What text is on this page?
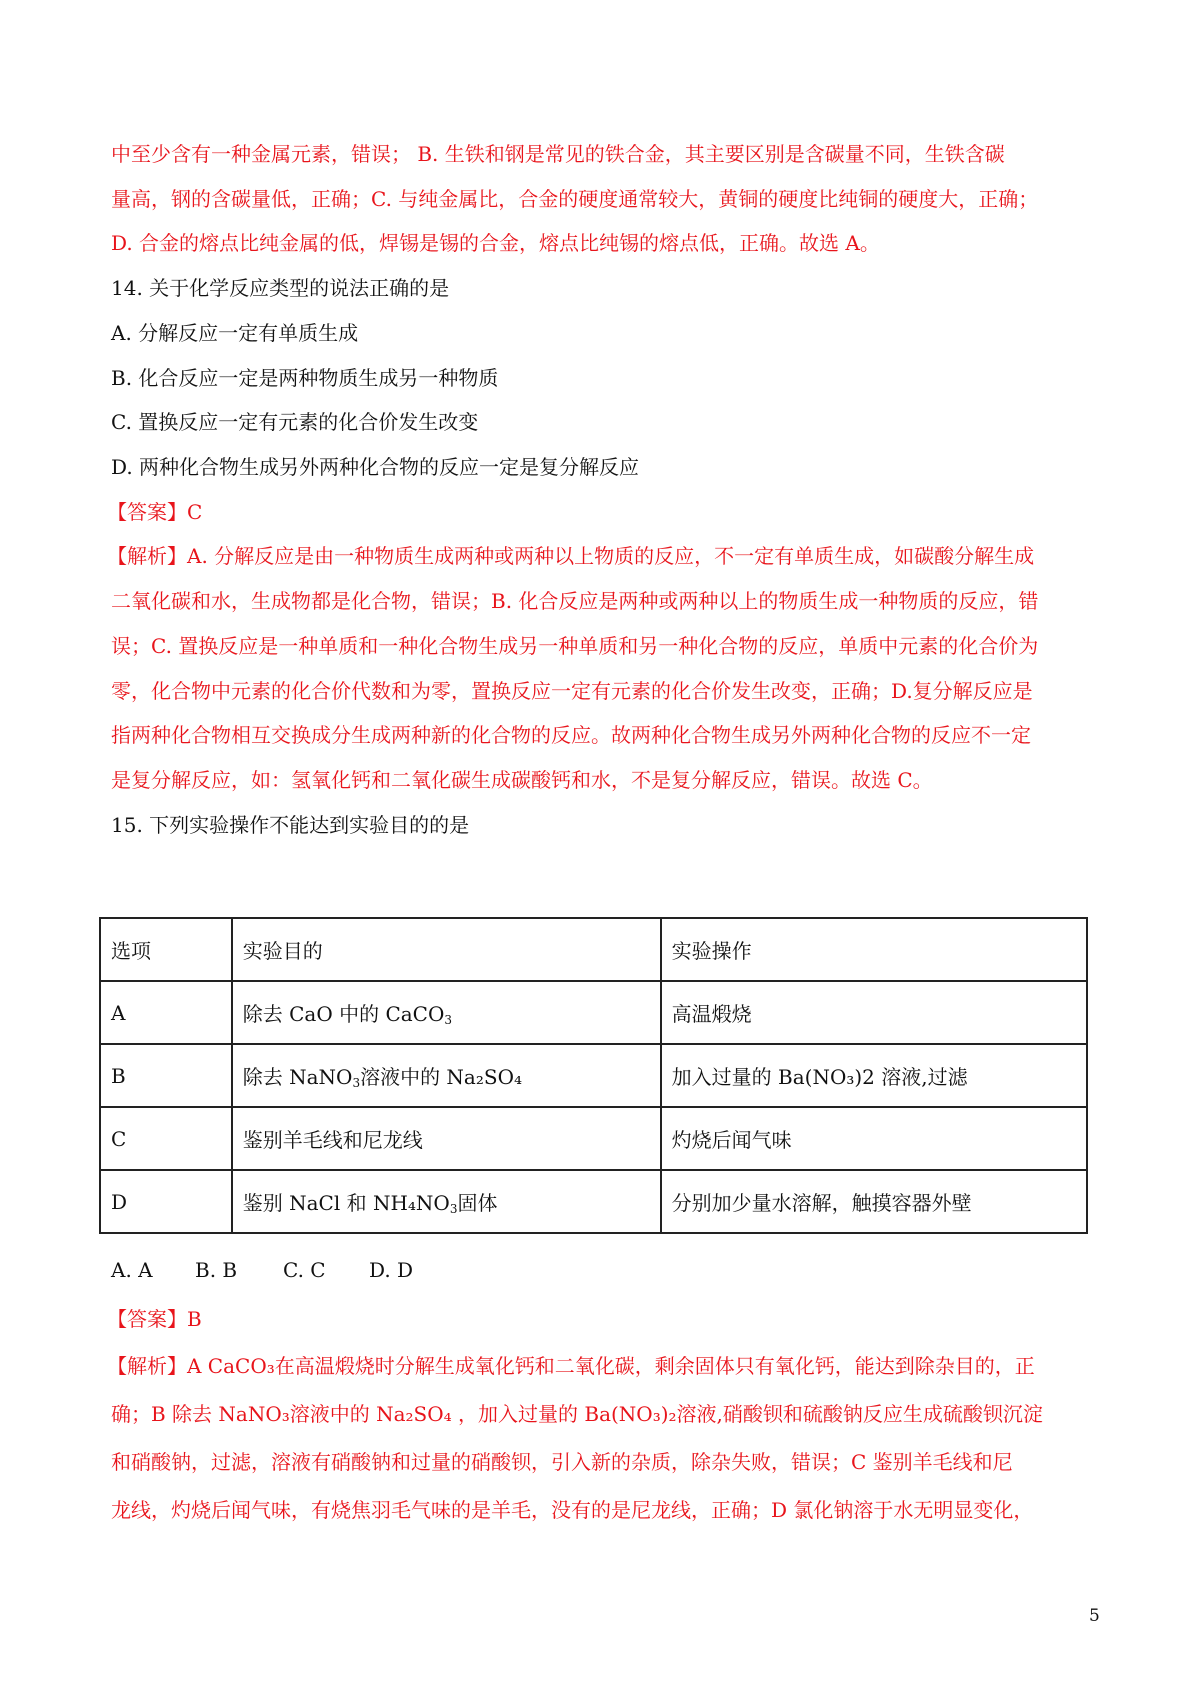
中至少含有一种金属元素，错误； B. 生铁和钢是常见的铁合金，其主要区别是含碳量不同，生铁含碳
量高，钢的含碳量低，正确；C. 与纯金属比，合金的硬度通常较大，黄铜的硬度比纯铜的硬度大，正确；
D. 合金的熔点比纯金属的低，焊锡是锡的合金，熔点比纯锡的熔点低，正确。故选 A。
14. 关于化学反应类型的说法正确的是
A. 分解反应一定有单质生成
B. 化合反应一定是两种物质生成另一种物质
C. 置换反应一定有元素的化合价发生改变
D. 两种化合物生成另外两种化合物的反应一定是复分解反应
【答案】C
【解析】A. 分解反应是由一种物质生成两种或两种以上物质的反应，不一定有单质生成，如碳酸分解生成
二氧化碳和水，生成物都是化合物，错误；B. 化合反应是两种或两种以上的物质生成一种物质的反应，错
误；C. 置换反应是一种单质和一种化合物生成另一种单质和另一种化合物的反应，单质中元素的化合价为
零，化合物中元素的化合价代数和为零，置换反应一定有元素的化合价发生改变，正确；D.复分解反应是
指两种化合物相互交换成分生成两种新的化合物的反应。故两种化合物生成另外两种化合物的反应不一定
是复分解反应，如：氢氧化钙和二氧化碳生成碳酸钙和水，不是复分解反应，错误。故选 C。
15. 下列实验操作不能达到实验目的的是
选项	实验目的	实验操作
A	除去 CaO 中的 CaCO$_3$	高温煅烧
B	除去 NaNO$_3$溶液中的 Na₂SO₄	加入过量的 Ba(NO₃)2 溶液,过滤
C	鉴别羊毛线和尼龙线	灼烧后闻气味
D	鉴别 NaCl 和 $NH_4NO_3$固体	分别加少量水溶解，触摸容器外壁
A. A B. B C. C D. D
【答案】B
【解析】A CaCO₃在高温煅烧时分解生成氧化钙和二氧化碳，剩余固体只有氧化钙，能达到除杂目的，正
确；B 除去 NaNO₃溶液中的 Na₂SO₄ ，加入过量的 Ba(NO₃)₂溶液,硝酸钡和硫酸钠反应生成硫酸钡沉淀
和硝酸钠，过滤，溶液有硝酸钠和过量的硝酸钡，引入新的杂质，除杂失败，错误；C 鉴别羊毛线和尼
龙线，灼烧后闻气味，有烧焦羽毛气味的是羊毛，没有的是尼龙线，正确；D 氯化钠溶于水无明显变化，
5
